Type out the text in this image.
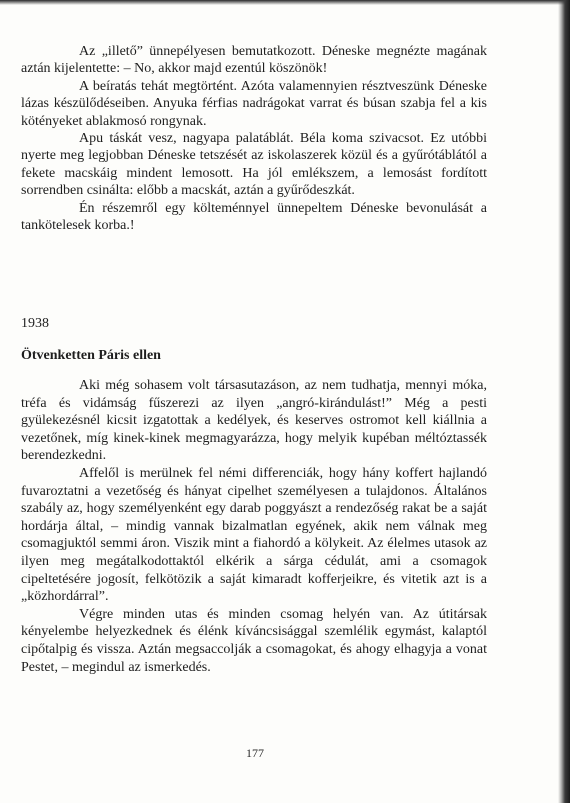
Az „illető” ünnepélyesen bemutatkozott. Déneske megnézte magának aztán kijelentette: – No, akkor majd ezentúl köszönök!

A beíratás tehát megtörtént. Azóta valamennyien résztveszünk Déneske lázas készülődéseiben. Anyuka férfias nadrágokat varrat és búsan szabja fel a kis kötényeket ablakmosó rongynak.

Apu táskát vesz, nagyapa palatáblát. Béla koma szivacsot. Ez utóbbi nyerte meg legjobban Déneske tetszését az iskolaszerek közül és a gyűrótáblától a fekete macskáig mindent lemosott. Ha jól emlékszem, a lemosást fordított sorrendben csinálta: előbb a macskát, aztán a gyűrődeszkát.

Én részemről egy költeménnyel ünnepeltem Déneske bevonulását a tankötelesek korba.!

1938
Ötvenketten Páris ellen

Aki még sohasem volt társasutazáson, az nem tudhatja, mennyi móka, tréfa és vidámság fűszerezi az ilyen „angró-kirándulást!” Még a pesti gyülekezésnél kicsit izgatottak a kedélyek, és keserves ostromot kell kiállnia a vezetőnek, míg kinek-kinek megmagyarázza, hogy melyik kupéban méltóztassék berendezkedni.

Affelől is merülnek fel némi differenciák, hogy hány koffert hajlandó fuvaroztatni a vezetőség és hányat cipelhet személyesen a tulajdonos. Általános szabály az, hogy személyenként egy darab poggyászt a rendezőség rakat be a saját hordárja által, – mindig vannak bizalmatlan egyének, akik nem válnak meg csomagjuktól semmi áron. Viszik mint a fiahordó a kölykeit. Az élelmes utasok az ilyen meg megátalkodottaktól elkérik a sárga cédulát, ami a csomagok cipeltetésére jogosít, felkötözik a saját kimaradt kofferjeikre, és vitetik azt is a „közhordárral”.

Végre minden utas és minden csomag helyén van. Az útitársak kényelembe helyezkednek és élénk kíváncsisággal szemlélik egymást, kalaptól cipőtalpig és vissza. Aztán megsaccolják a csomagokat, és ahogy elhagyja a vonat Pestet, – megindul az ismerkedés.

177
